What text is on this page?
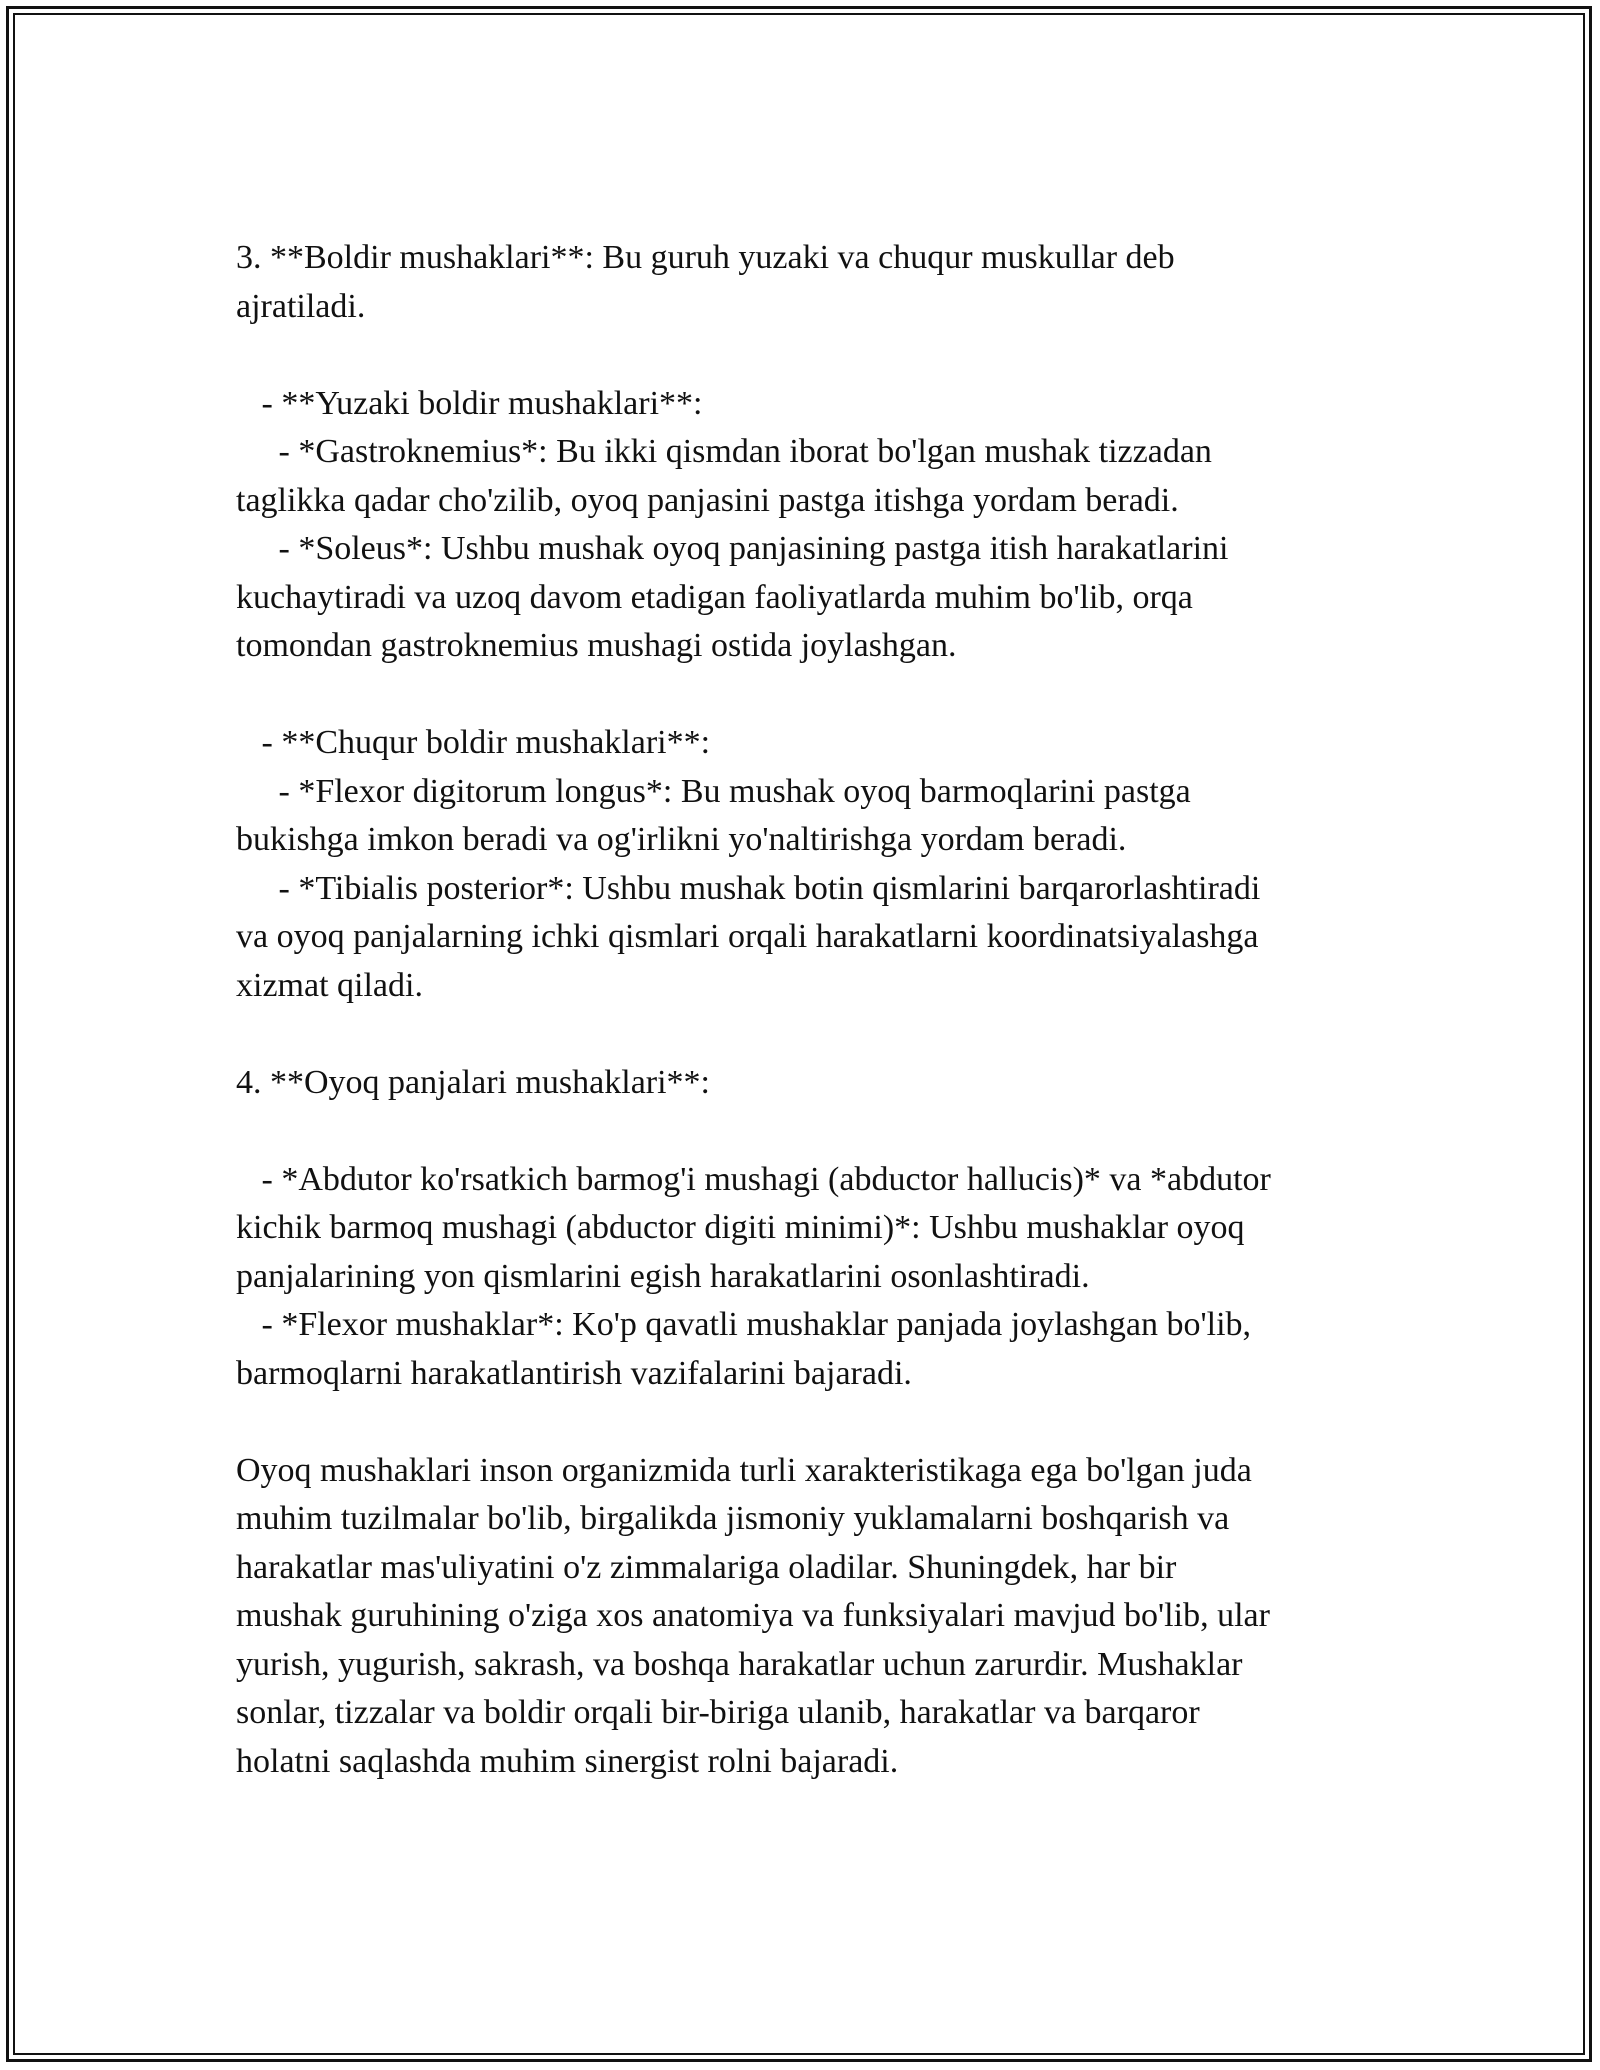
3. **Boldir mushaklari**: Bu guruh yuzaki va chuqur muskullar deb
ajratiladi.
- **Yuzaki boldir mushaklari**:
- *Gastroknemius*: Bu ikki qismdan iborat bo'lgan mushak tizzadan
taglikka qadar cho'zilib, oyoq panjasini pastga itishga yordam beradi.
- *Soleus*: Ushbu mushak oyoq panjasining pastga itish harakatlarini
kuchaytiradi va uzoq davom etadigan faoliyatlarda muhim bo'lib, orqa
tomondan gastroknemius mushagi ostida joylashgan.
- **Chuqur boldir mushaklari**:
- *Flexor digitorum longus*: Bu mushak oyoq barmoqlarini pastga
bukishga imkon beradi va og'irlikni yo'naltirishga yordam beradi.
- *Tibialis posterior*: Ushbu mushak botin qismlarini barqarorlashtiradi
va oyoq panjalarning ichki qismlari orqali harakatlarni koordinatsiyalashga
xizmat qiladi.
4. **Oyoq panjalari mushaklari**:
- *Abdutor ko'rsatkich barmog'i mushagi (abductor hallucis)* va *abdutor
kichik barmoq mushagi (abductor digiti minimi)*: Ushbu mushaklar oyoq
panjalarining yon qismlarini egish harakatlarini osonlashtiradi.
- *Flexor mushaklar*: Ko'p qavatli mushaklar panjada joylashgan bo'lib,
barmoqlarni harakatlantirish vazifalarini bajaradi.
Oyoq mushaklari inson organizmida turli xarakteristikaga ega bo'lgan juda
muhim tuzilmalar bo'lib, birgalikda jismoniy yuklamalarni boshqarish va
harakatlar mas'uliyatini o'z zimmalariga oladilar. Shuningdek, har bir
mushak guruhining o'ziga xos anatomiya va funksiyalari mavjud bo'lib, ular
yurish, yugurish, sakrash, va boshqa harakatlar uchun zarurdir. Mushaklar
sonlar, tizzalar va boldir orqali bir-biriga ulanib, harakatlar va barqaror
holatni saqlashda muhim sinergist rolni bajaradi.
